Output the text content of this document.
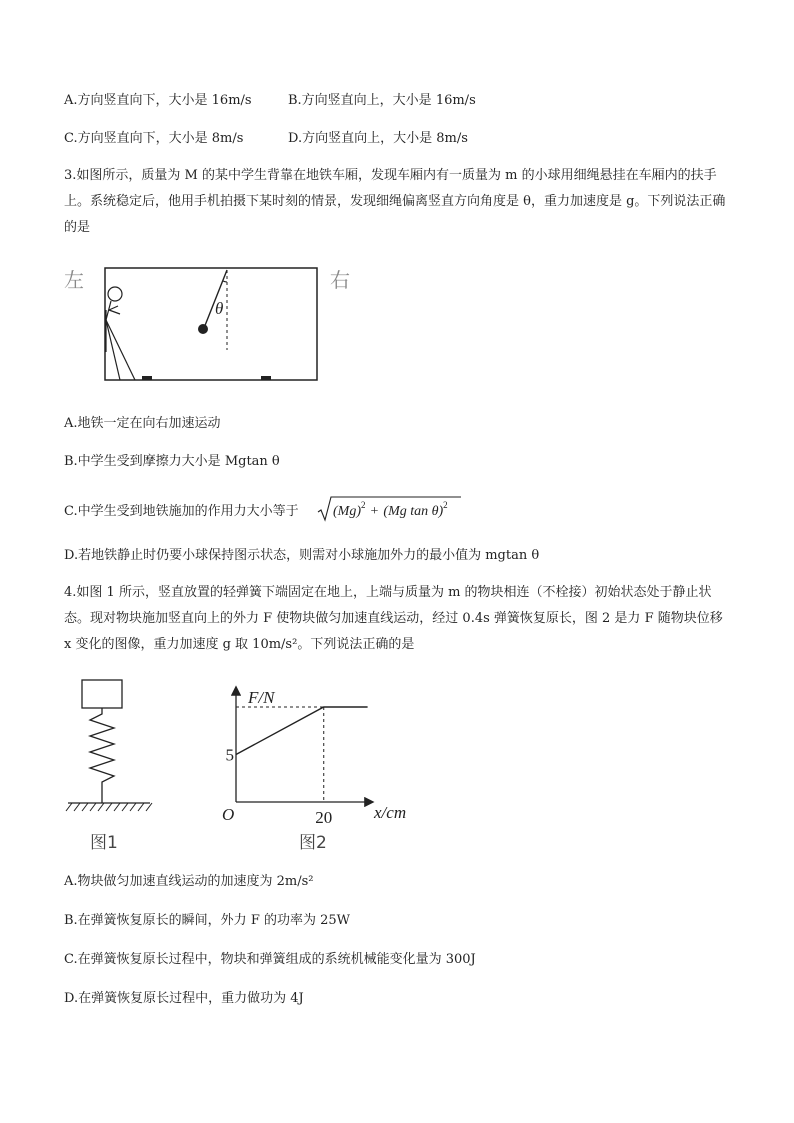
A.方向竖直向下，大小是 16m/s	B.方向竖直向上，大小是 16m/s
C.方向竖直向下，大小是 8m/s	D.方向竖直向上，大小是 8m/s
3.如图所示，质量为 M 的某中学生背靠在地铁车厢，发现车厢内有一质量为 m 的小球用细绳悬挂在车厢内的扶手上。系统稳定后，他用手机拍摄下某时刻的情景，发现细绳偏离竖直方向角度是 θ，重力加速度是 g。下列说法正确的是
左	右
θ
A.地铁一定在向右加速运动
B.中学生受到摩擦力大小是 Mgtan θ
C.中学生受到地铁施加的作用力大小等于 $(Mg)^2 + (Mg$ tan θ)$^2$
D.若地铁静止时仍要小球保持图示状态，则需对小球施加外力的最小值为 mgtan θ
4.如图 1 所示，竖直放置的轻弹簧下端固定在地上，上端与质量为 m 的物块相连（不栓接）初始状态处于静止状态。现对物块施加竖直向上的外力 F 使物块做匀加速直线运动，经过 0.4s 弹簧恢复原长，图 2 是力 F 随物块位移 x 变化的图像，重力加速度 g 取 10m/s²。下列说法正确的是
图1
F/N
x/cm
O
5
20
图2
A.物块做匀加速直线运动的加速度为 2m/s²
B.在弹簧恢复原长的瞬间，外力 F 的功率为 25W
C.在弹簧恢复原长过程中，物块和弹簧组成的系统机械能变化量为 300J
D.在弹簧恢复原长过程中，重力做功为 4J
